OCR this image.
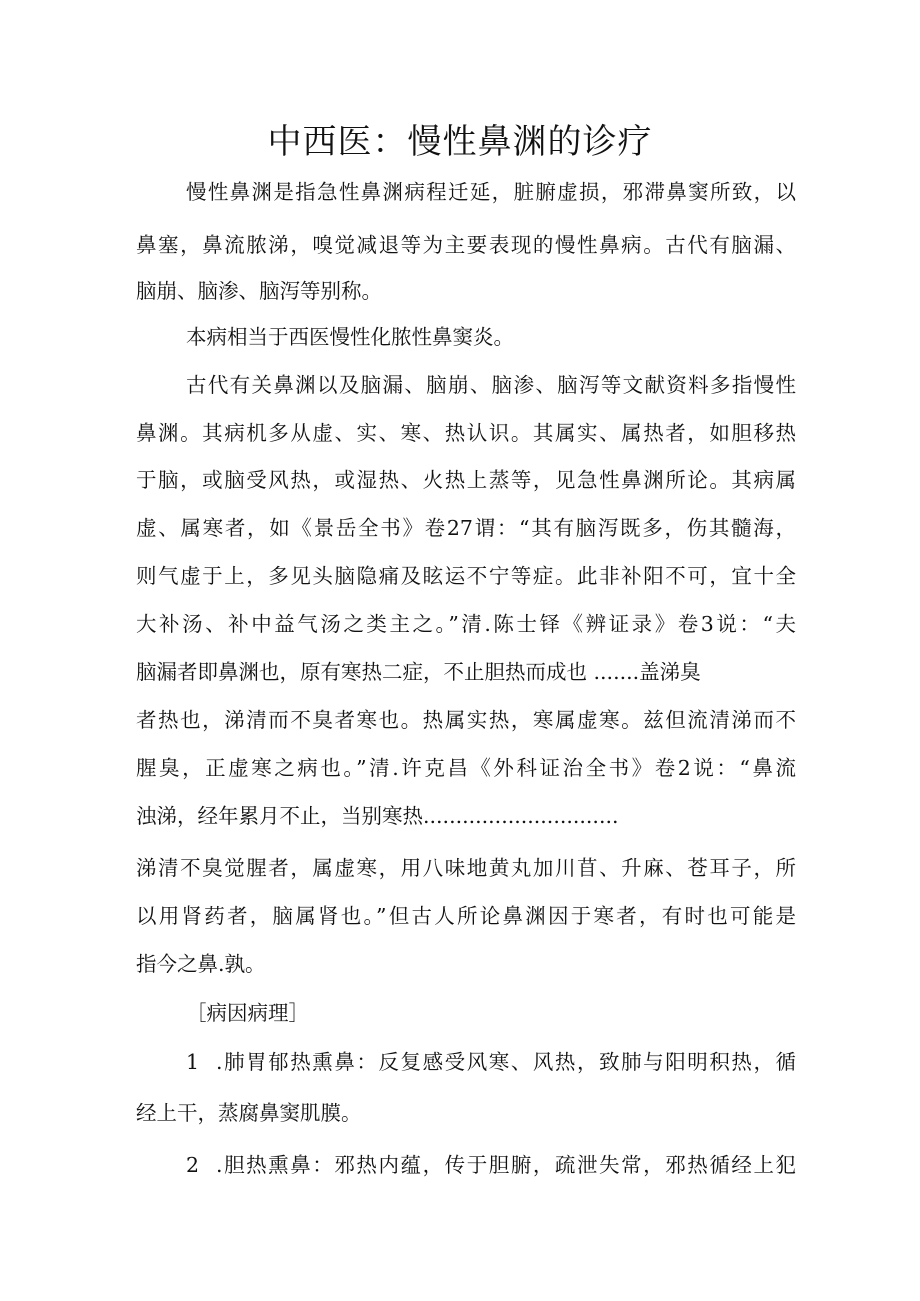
中西医：慢性鼻渊的诊疗
慢性鼻渊是指急性鼻渊病程迁延，脏腑虚损，邪滞鼻窦所致，以
鼻塞，鼻流脓涕，嗅觉减退等为主要表现的慢性鼻病。古代有脑漏、
脑崩、脑渗、脑泻等别称。
本病相当于西医慢性化脓性鼻窦炎。
古代有关鼻渊以及脑漏、脑崩、脑渗、脑泻等文献资料多指慢性
鼻渊。其病机多从虚、实、寒、热认识。其属实、属热者，如胆移热
于脑，或脑受风热，或湿热、火热上蒸等，见急性鼻渊所论。其病属
虚、属寒者，如《景岳全书》卷27谓：“其有脑泻既多，伤其髓海，
则气虚于上，多见头脑隐痛及眩运不宁等症。此非补阳不可，宜十全
大补汤、补中益气汤之类主之。”清.陈士铎《辨证录》卷3说：“夫
脑漏者即鼻渊也，原有寒热二症，不止胆热而成也 .......盖涕臭
者热也，涕清而不臭者寒也。热属实热，寒属虚寒。兹但流清涕而不
腥臭，正虚寒之病也。”清.许克昌《外科证治全书》卷2说：“鼻流
浊涕，经年累月不止，当别寒热..............................
涕清不臭觉腥者，属虚寒，用八味地黄丸加川苜、升麻、苍耳子，所
以用肾药者，脑属肾也。”但古人所论鼻渊因于寒者，有时也可能是
指今之鼻.孰。
［病因病理］
1 .肺胃郁热熏鼻：反复感受风寒、风热，致肺与阳明积热，循
经上干，蒸腐鼻窦肌膜。
2 .胆热熏鼻：邪热内蕴，传于胆腑，疏泄失常，邪热循经上犯
